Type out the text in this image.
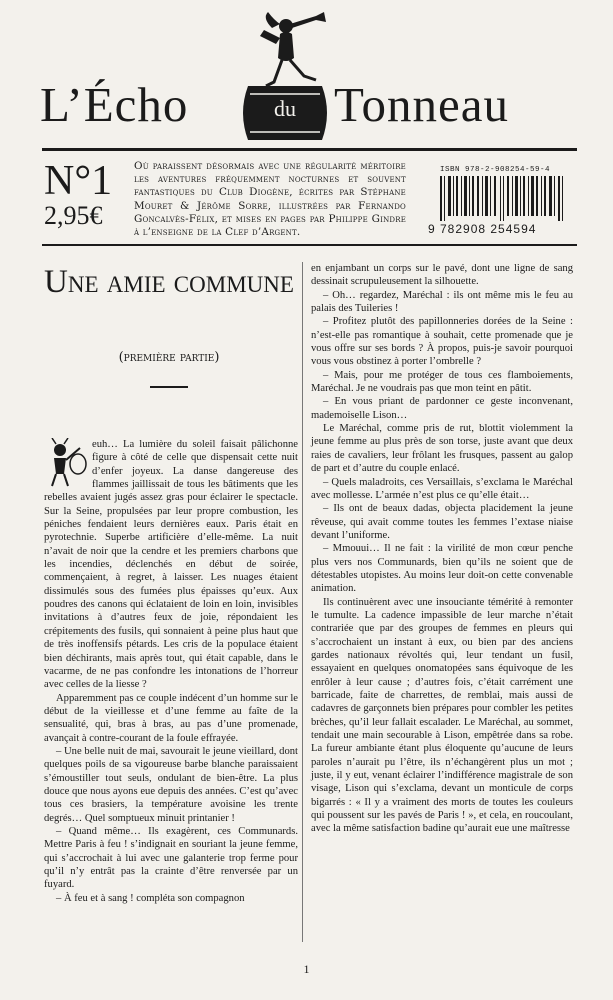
L’Écho	du Tonneau
N°1
2,95€
Où paraissent désormais avec une régularité méritoire les aventures fréquemment nocturnes et souvent fantastiques du Club Diogène, écrites par Stéphane Mouret & Jérôme Sorre, illustrées par Fernando Goncalvès-Félix, et mises en pages par Philippe Gindre à l’enseigne de la Clef d’Argent.
ISBN 978-2-908254-59-4
9 782908 254594
Une amie commune
(première partie)

euh… La lumière du soleil faisait pâlichonne figure à côté de celle que dispensait cette nuit d’enfer joyeux. La danse dangereuse des flammes jaillissait de tous les bâtiments que les rebelles avaient jugés assez gras pour éclairer le spectacle. Sur la Seine, propulsées par leur propre combustion, les péniches fendaient leurs dernières eaux. Paris était en pyrotechnie. Superbe artificière d’elle-même. La nuit n’avait de noir que la cendre et les premiers charbons que les incendies, déclenchés en début de soirée, commençaient, à regret, à laisser. Les nuages étaient dissimulés sous des fumées plus épaisses qu’eux. Aux poudres des canons qui éclataient de loin en loin, invisibles invitations à d’autres feux de joie, répondaient les crépitements des fusils, qui sonnaient à peine plus haut que de très inoffensifs pétards. Les cris de la populace étaient bien déchirants, mais après tout, qui était capable, dans le vacarme, de ne pas confondre les intonations de l’horreur avec celles de la liesse ?

Apparemment pas ce couple indécent d’un homme sur le début de la vieillesse et d’une femme au faîte de la sensualité, qui, bras à bras, au pas d’une promenade, avançait à contre-courant de la foule effrayée.

– Une belle nuit de mai, savourait le jeune vieillard, dont quelques poils de sa vigoureuse barbe blanche paraissaient s’émoustiller tout seuls, ondulant de bien-être. La plus douce que nous ayons eue depuis des années. C’est qu’avec tous ces brasiers, la température avoisine les trente degrés… Quel somptueux minuit printanier !

– Quand même… Ils exagèrent, ces Communards. Mettre Paris à feu ! s’indignait en souriant la jeune femme, qui s’accrochait à lui avec une galanterie trop ferme pour qu’il n’y entrât pas la crainte d’être renversée par un fuyard.

– À feu et à sang ! compléta son compagnon

en enjambant un corps sur le pavé, dont une ligne de sang dessinait scrupuleusement la silhouette.

– Oh… regardez, Maréchal : ils ont même mis le feu au palais des Tuileries !

– Profitez plutôt des papillonneries dorées de la Seine : n’est-elle pas romantique à souhait, cette promenade que je vous offre sur ses bords ? À propos, puis-je savoir pourquoi vous vous obstinez à porter l’ombrelle ?

– Mais, pour me protéger de tous ces flamboiements, Maréchal. Je ne voudrais pas que mon teint en pâtit.

– En vous priant de pardonner ce geste inconvenant, mademoiselle Lison…

Le Maréchal, comme pris de rut, blottit violemment la jeune femme au plus près de son torse, juste avant que deux raies de cavaliers, leur frôlant les frusques, passent au galop de part et d’autre du couple enlacé.

– Quels maladroits, ces Versaillais, s’exclama le Maréchal avec mollesse. L’armée n’est plus ce qu’elle était…

– Ils ont de beaux dadas, objecta placidement la jeune rêveuse, qui avait comme toutes les femmes l’extase niaise devant l’uniforme.

– Mmouui… Il ne fait : la virilité de mon cœur penche plus vers nos Communards, bien qu’ils ne soient que de détestables utopistes. Au moins leur doit-on cette convenable animation.

Ils continuèrent avec une insouciante témérité à remonter le tumulte. La cadence impassible de leur marche n’était contrariée que par des groupes de femmes en pleurs qui s’accrochaient un instant à eux, ou bien par des anciens gardes nationaux révoltés qui, leur tendant un fusil, essayaient en quelques onomatopées sans équivoque de les enrôler à leur cause ; d’autres fois, c’était carrément une barricade, faite de charrettes, de remblai, mais aussi de cadavres de garçonnets bien prépares pour combler les petites brèches, qu’il leur fallait escalader. Le Maréchal, au sommet, tendait une main secourable à Lison, empêtrée dans sa robe. La fureur ambiante étant plus éloquente qu’aucune de leurs paroles n’aurait pu l’être, ils n’échangèrent plus un mot ; juste, il y eut, venant éclairer l’indifférence magistrale de son visage, Lison qui s’exclama, devant un monticule de corps bigarrés : « Il y a vraiment des morts de toutes les couleurs qui poussent sur les pavés de Paris ! », et cela, en roucoulant, avec la même satisfaction badine qu’aurait eue une maîtresse

1
